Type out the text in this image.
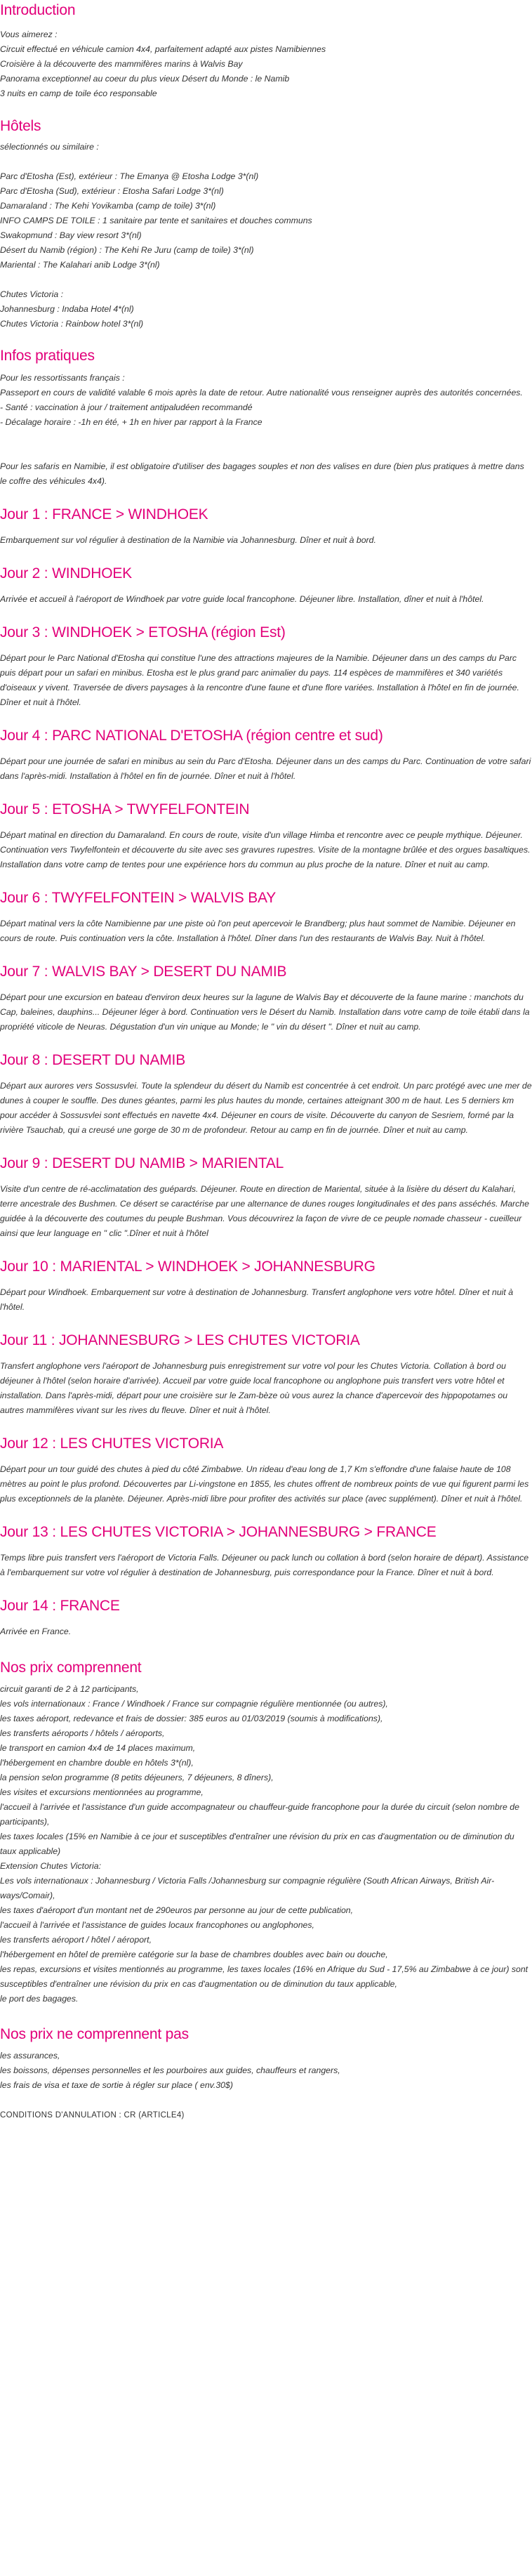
Introduction

Vous aimerez :

Circuit effectué en véhicule camion 4x4, parfaitement adapté aux pistes Namibiennes

Croisière à la découverte des mammifères marins à Walvis Bay

Panorama exceptionnel au coeur du plus vieux Désert du Monde : le Namib

3 nuits en camp de toile éco responsable

Hôtels

sélectionnés ou similaire :

Parc d'Etosha (Est), extérieur : The Emanya @ Etosha Lodge 3*(nl)

Parc d'Etosha (Sud), extérieur : Etosha Safari Lodge 3*(nl)

Damaraland : The Kehi Yovikamba (camp de toile) 3*(nl)

INFO CAMPS DE TOILE : 1 sanitaire par tente et sanitaires et douches communs

Swakopmund : Bay view resort 3*(nl)

Désert du Namib (région) : The Kehi Re Juru (camp de toile) 3*(nl)

Mariental : The Kalahari anib Lodge 3*(nl)

Chutes Victoria :

Johannesburg : Indaba Hotel 4*(nl)

Chutes Victoria : Rainbow hotel 3*(nl)

Infos pratiques

Pour les ressortissants français :

Passeport en cours de validité valable 6 mois après la date de retour. Autre nationalité vous renseigner auprès des autorités concernées.

- Santé : vaccination à jour / traitement antipaludéen recommandé

- Décalage horaire : -1h en été, + 1h en hiver par rapport à la France

Pour les safaris en Namibie, il est obligatoire d'utiliser des bagages souples et non des valises en dure (bien plus pratiques à mettre dans le coffre des véhicules 4x4).

Jour 1 : FRANCE > WINDHOEK

Embarquement sur vol régulier à destination de la Namibie via Johannesburg. Dîner et nuit à bord.

Jour 2 : WINDHOEK

Arrivée et accueil à l'aéroport de Windhoek par votre guide local francophone. Déjeuner libre. Installation, dîner et nuit à l'hôtel.

Jour 3 : WINDHOEK > ETOSHA (région Est)

Départ pour le Parc National d'Etosha qui constitue l'une des attractions majeures de la Namibie. Déjeuner dans un des camps du Parc puis départ pour un safari en minibus. Etosha est le plus grand parc animalier du pays. 114 espèces de mammifères et 340 variétés d'oiseaux y vivent. Traversée de divers paysages à la rencontre d'une faune et d'une flore variées. Installation à l'hôtel en fin de journée. Dîner et nuit à l'hôtel.

Jour 4 : PARC NATIONAL D'ETOSHA (région centre et sud)

Départ pour une journée de safari en minibus au sein du Parc d'Etosha. Déjeuner dans un des camps du Parc. Continuation de votre safari dans l'après-midi. Installation à l'hôtel en fin de journée. Dîner et nuit à l'hôtel.

Jour 5 : ETOSHA > TWYFELFONTEIN

Départ matinal en direction du Damaraland. En cours de route, visite d'un village Himba et rencontre avec ce peuple mythique. Déjeuner. Continuation vers Twyfelfontein et découverte du site avec ses gravures rupestres. Visite de la montagne brûlée et des orgues basaltiques. Installation dans votre camp de tentes pour une expérience hors du commun au plus proche de la nature. Dîner et nuit au camp.

Jour 6 : TWYFELFONTEIN > WALVIS BAY

Départ matinal vers la côte Namibienne par une piste où l'on peut apercevoir le Brandberg; plus haut sommet de Namibie. Déjeuner en cours de route. Puis continuation vers la côte. Installation à l'hôtel. Dîner dans l'un des restaurants de Walvis Bay. Nuit à l'hôtel.

Jour 7 : WALVIS BAY > DESERT DU NAMIB

Départ pour une excursion en bateau d'environ deux heures sur la lagune de Walvis Bay et découverte de la faune marine : manchots du Cap, baleines, dauphins... Déjeuner léger à bord. Continuation vers le Désert du Namib. Installation dans votre camp de toile établi dans la propriété viticole de Neuras. Dégustation d'un vin unique au Monde; le " vin du désert ". Dîner et nuit au camp.

Jour 8 : DESERT DU NAMIB

Départ aux aurores vers Sossusvlei. Toute la splendeur du désert du Namib est concentrée à cet endroit. Un parc protégé avec une mer de dunes à couper le souffle. Des dunes géantes, parmi les plus hautes du monde, certaines atteignant 300 m de haut. Les 5 derniers km pour accéder à Sossusvlei sont effectués en navette 4x4. Déjeuner en cours de visite. Découverte du canyon de Sesriem, formé par la rivière Tsauchab, qui a creusé une gorge de 30 m de profondeur. Retour au camp en fin de journée. Dîner et nuit au camp.

Jour 9 : DESERT DU NAMIB > MARIENTAL

Visite d'un centre de ré-acclimatation des guépards. Déjeuner. Route en direction de Mariental, située à la lisière du désert du Kalahari, terre ancestrale des Bushmen. Ce désert se caractérise par une alternance de dunes rouges longitudinales et des pans asséchés. Marche guidée à la découverte des coutumes du peuple Bushman. Vous découvrirez la façon de vivre de ce peuple nomade chasseur - cueilleur ainsi que leur language en " clic ".Dîner et nuit à l'hôtel

Jour 10 : MARIENTAL > WINDHOEK > JOHANNESBURG

Départ pour Windhoek. Embarquement sur votre à destination de Johannesburg. Transfert anglophone vers votre hôtel. Dîner et nuit à l'hôtel.

Jour 11 : JOHANNESBURG > LES CHUTES VICTORIA

Transfert anglophone vers l'aéroport de Johannesburg puis enregistrement sur votre vol pour les Chutes Victoria. Collation à bord ou déjeuner à l'hôtel (selon horaire d'arrivée). Accueil par votre guide local francophone ou anglophone puis transfert vers votre hôtel et installation. Dans l'après-midi, départ pour une croisière sur le Zam-bèze où vous aurez la chance d'apercevoir des hippopotames ou autres mammifères vivant sur les rives du fleuve. Dîner et nuit à l'hôtel.

Jour 12 : LES CHUTES VICTORIA

Départ pour un tour guidé des chutes à pied du côté Zimbabwe. Un rideau d'eau long de 1,7 Km s'effondre d'une falaise haute de 108 mètres au point le plus profond. Découvertes par Li-vingstone en 1855, les chutes offrent de nombreux points de vue qui figurent parmi les plus exceptionnels de la planète. Déjeuner. Après-midi libre pour profiter des activités sur place (avec supplément). Dîner et nuit à l'hôtel.

Jour 13 : LES CHUTES VICTORIA > JOHANNESBURG > FRANCE

Temps libre puis transfert vers l'aéroport de Victoria Falls. Déjeuner ou pack lunch ou collation à bord (selon horaire de départ). Assistance à l'embarquement sur votre vol régulier à destination de Johannesburg, puis correspondance pour la France. Dîner et nuit à bord.

Jour 14 : FRANCE

Arrivée en France.

Nos prix comprennent

circuit garanti de 2 à 12 participants,

les vols internationaux : France / Windhoek / France sur compagnie régulière mentionnée (ou autres),

les taxes aéroport, redevance et frais de dossier: 385 euros au 01/03/2019 (soumis à modifications),

les transferts aéroports / hôtels / aéroports,

le transport en camion 4x4 de 14 places maximum,

l'hébergement en chambre double en hôtels 3*(nl),

la pension selon programme (8 petits déjeuners, 7 déjeuners, 8 dîners),

les visites et excursions mentionnées au programme,

l'accueil à l'arrivée et l'assistance d'un guide accompagnateur ou chauffeur-guide francophone pour la durée du circuit (selon nombre de participants),

les taxes locales (15% en Namibie à ce jour et susceptibles d'entraîner une révision du prix en cas d'augmentation ou de diminution du taux applicable)

Extension Chutes Victoria:

Les vols internationaux : Johannesburg / Victoria Falls /Johannesburg sur compagnie régulière (South African Airways, British Air-ways/Comair),

les taxes d'aéroport d'un montant net de 290euros par personne au jour de cette publication,

l'accueil à l'arrivée et l'assistance de guides locaux francophones ou anglophones,

les transferts aéroport / hôtel / aéroport,

l'hébergement en hôtel de première catégorie sur la base de chambres doubles avec bain ou douche,

les repas, excursions et visites mentionnés au programme, les taxes locales (16% en Afrique du Sud - 17,5% au Zimbabwe à ce jour) sont susceptibles d'entraîner une révision du prix en cas d'augmentation ou de diminution du taux applicable,

le port des bagages.

Nos prix ne comprennent pas

les assurances,

les boissons, dépenses personnelles et les pourboires aux guides, chauffeurs et rangers,

les frais de visa et taxe de sortie à régler sur place ( env.30$)

CONDITIONS D'ANNULATION : CR (ARTICLE4)
